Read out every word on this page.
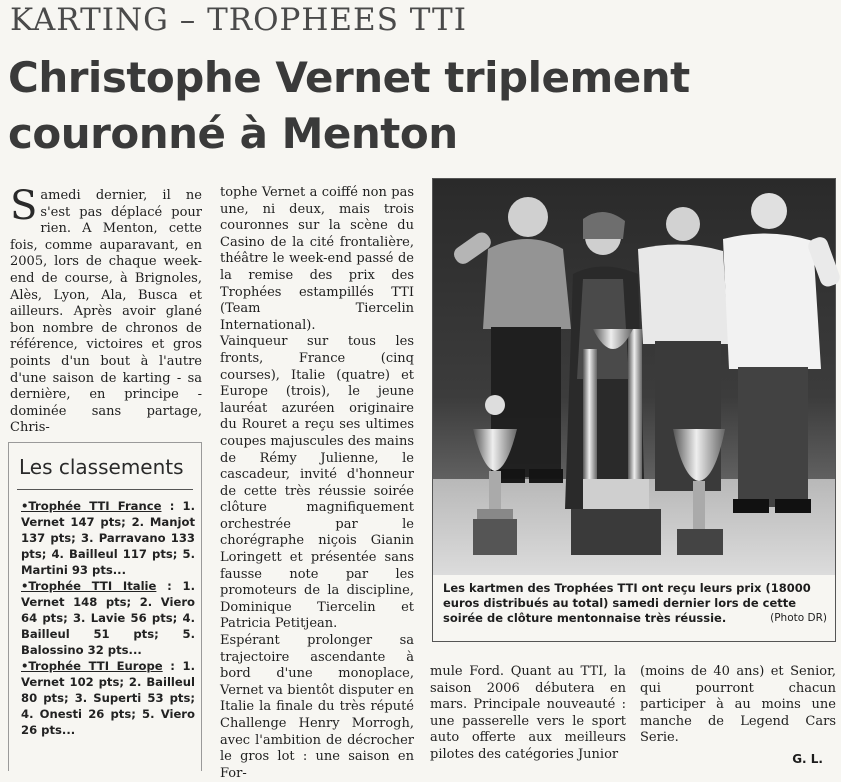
KARTING – TROPHEES TTI
Christophe Vernet triplement
couronné à Menton

Samedi dernier, il ne s'est pas déplacé pour rien. A Menton, cette fois, comme auparavant, en 2005, lors de chaque week-end de course, à Brignoles, Alès, Lyon, Ala, Busca et ailleurs. Après avoir glané bon nombre de chronos de référence, victoires et gros points d'un bout à l'autre d'une saison de karting - sa dernière, en principe - dominée sans partage, Chris-

Les classements

•Trophée TTI France : 1. Vernet 147 pts; 2. Manjot 137 pts; 3. Parravano 133 pts; 4. Bailleul 117 pts; 5. Martini 93 pts...

•Trophée TTI Italie : 1. Vernet 148 pts; 2. Viero 64 pts; 3. Lavie 56 pts; 4. Bailleul 51 pts; 5. Balossino 32 pts...

•Trophée TTI Europe : 1. Vernet 102 pts; 2. Bailleul 80 pts; 3. Superti 53 pts; 4. Onesti 26 pts; 5. Viero 26 pts...

tophe Vernet a coiffé non pas une, ni deux, mais trois couronnes sur la scène du Casino de la cité frontalière, théâtre le week-end passé de la remise des prix des Trophées estampillés TTI (Team Tiercelin International).

Vainqueur sur tous les fronts, France (cinq courses), Italie (quatre) et Europe (trois), le jeune lauréat azuréen originaire du Rouret a reçu ses ultimes coupes majuscules des mains de Rémy Julienne, le cascadeur, invité d'honneur de cette très réussie soirée clôture magnifiquement orchestrée par le chorégraphe niçois Gianin Loringett et présentée sans fausse note par les promoteurs de la discipline, Dominique Tiercelin et Patricia Petitjean.

Espérant prolonger sa trajectoire ascendante à bord d'une monoplace, Vernet va bientôt disputer en Italie la finale du très réputé Challenge Henry Morrogh, avec l'ambition de décrocher le gros lot : une saison en For-

Les kartmen des Trophées TTI ont reçu leurs prix (18000 euros distribués au total) samedi dernier lors de cette soirée de clôture mentonnaise très réussie.	(Photo DR)

mule Ford. Quant au TTI, la saison 2006 débutera en mars. Principale nouveauté : une passerelle vers le sport auto offerte aux meilleurs pilotes des catégories Junior

(moins de 40 ans) et Senior, qui pourront chacun participer à au moins une manche de Legend Cars Serie.

G. L.
